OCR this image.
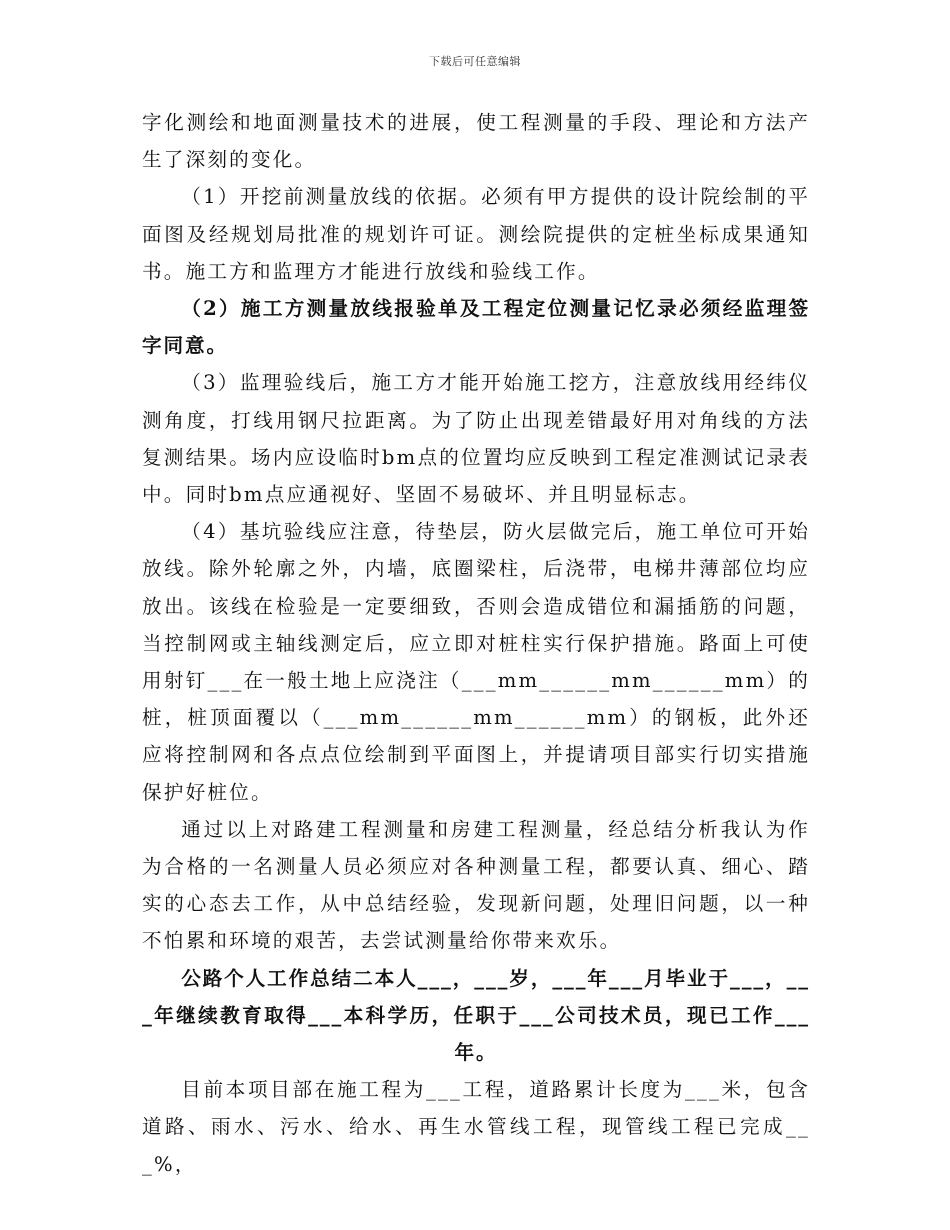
下载后可任意编辑

字化测绘和地面测量技术的进展，使工程测量的手段、理论和方法产生了深刻的变化。

（1）开挖前测量放线的依据。必须有甲方提供的设计院绘制的平面图及经规划局批准的规划许可证。测绘院提供的定桩坐标成果通知书。施工方和监理方才能进行放线和验线工作。

（2）施工方测量放线报验单及工程定位测量记忆录必须经监理签字同意。

（3）监理验线后，施工方才能开始施工挖方，注意放线用经纬仪测角度，打线用钢尺拉距离。为了防止出现差错最好用对角线的方法复测结果。场内应设临时bm点的位置均应反映到工程定准测试记录表中。同时bm点应通视好、坚固不易破坏、并且明显标志。

（4）基坑验线应注意，待垫层，防火层做完后，施工单位可开始放线。除外轮廓之外，内墙，底圈梁柱，后浇带，电梯井薄部位均应放出。该线在检验是一定要细致，否则会造成错位和漏插筋的问题，当控制网或主轴线测定后，应立即对桩柱实行保护措施。路面上可使用射钉___在一般土地上应浇注（___mm______mm______mm）的桩，桩顶面覆以（___mm______mm______mm）的钢板，此外还应将控制网和各点点位绘制到平面图上，并提请项目部实行切实措施保护好桩位。

通过以上对路建工程测量和房建工程测量，经总结分析我认为作为合格的一名测量人员必须应对各种测量工程，都要认真、细心、踏实的心态去工作，从中总结经验，发现新问题，处理旧问题，以一种不怕累和环境的艰苦，去尝试测量给你带来欢乐。

公路个人工作总结二本人___，___岁，___年___月毕业于___，___年继续教育取得___本科学历，任职于___公司技术员，现已工作___年。

目前本项目部在施工程为___工程，道路累计长度为___米，包含道路、雨水、污水、给水、再生水管线工程，现管线工程已完成___%，
